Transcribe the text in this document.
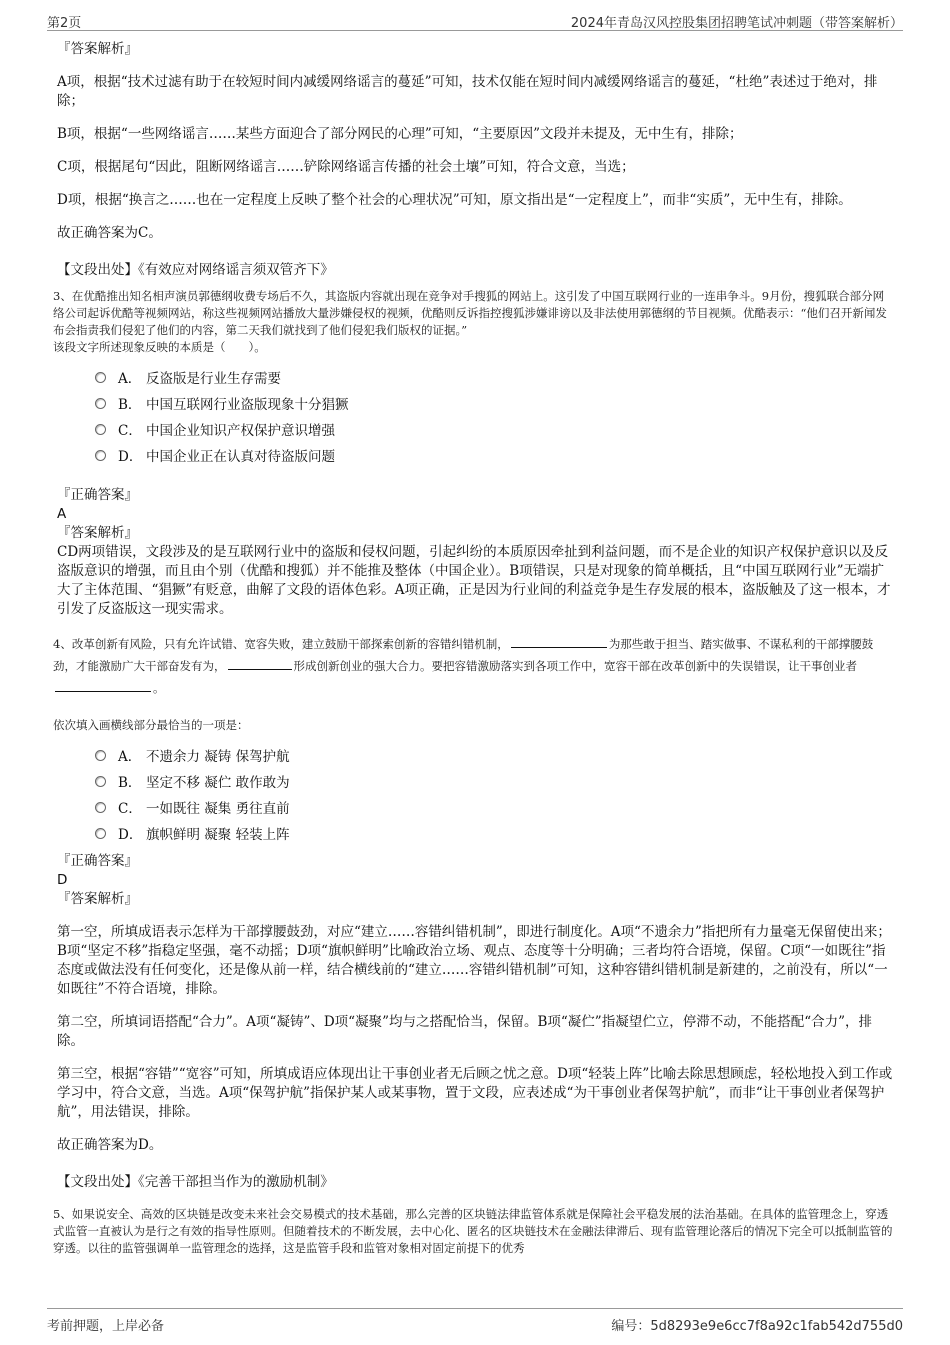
第2页	2024年青岛汉风控股集团招聘笔试冲刺题（带答案解析）

『答案解析』

A项，根据“技术过滤有助于在较短时间内减缓网络谣言的蔓延”可知，技术仅能在短时间内减缓网络谣言的蔓延，“杜绝”表述过于绝对，排除；

B项，根据“一些网络谣言……某些方面迎合了部分网民的心理”可知，“主要原因”文段并未提及，无中生有，排除；

C项，根据尾句“因此，阻断网络谣言……铲除网络谣言传播的社会土壤”可知，符合文意，当选；

D项，根据“换言之……也在一定程度上反映了整个社会的心理状况”可知，原文指出是“一定程度上”，而非“实质”，无中生有，排除。

故正确答案为C。

【文段出处】《有效应对网络谣言须双管齐下》

3、在优酷推出知名相声演员郭德纲收费专场后不久，其盗版内容就出现在竞争对手搜狐的网站上。这引发了中国互联网行业的一连串争斗。9月份，搜狐联合部分网络公司起诉优酷等视频网站，称这些视频网站播放大量涉嫌侵权的视频，优酷则反诉指控搜狐涉嫌诽谤以及非法使用郭德纲的节目视频。优酷表示：“他们召开新闻发布会指责我们侵犯了他们的内容，第二天我们就找到了他们侵犯我们版权的证据。”

该段文字所述现象反映的本质是（　　）。

A． 反盗版是行业生存需要
B． 中国互联网行业盗版现象十分猖獗
C． 中国企业知识产权保护意识增强
D． 中国企业正在认真对待盗版问题

『正确答案』

A

『答案解析』

CD两项错误，文段涉及的是互联网行业中的盗版和侵权问题，引起纠纷的本质原因牵扯到利益问题，而不是企业的知识产权保护意识以及反盗版意识的增强，而且由个别（优酷和搜狐）并不能推及整体（中国企业）。B项错误，只是对现象的简单概括，且“中国互联网行业”无端扩大了主体范围、“猖獗”有贬意，曲解了文段的语体色彩。A项正确，正是因为行业间的利益竞争是生存发展的根本，盗版触及了这一根本，才引发了反盗版这一现实需求。

4、改革创新有风险，只有允许试错、宽容失败，建立鼓励干部探索创新的容错纠错机制，	为那些敢于担当、踏实做事、不谋私利的干部撑腰鼓劲，才能激励广大干部奋发有为，	形成创新创业的强大合力。要把容错激励落实到各项工作中，宽容干部在改革创新中的失误错误，让干事创业者。

依次填入画横线部分最恰当的一项是：

A． 不遗余力 凝铸 保驾护航
B． 坚定不移 凝伫 敢作敢为
C． 一如既往 凝集 勇往直前
D． 旗帜鲜明 凝聚 轻装上阵

『正确答案』

D

『答案解析』

第一空，所填成语表示怎样为干部撑腰鼓劲，对应“建立……容错纠错机制”，即进行制度化。A项“不遗余力”指把所有力量毫无保留使出来；B项“坚定不移”指稳定坚强，毫不动摇；D项“旗帜鲜明”比喻政治立场、观点、态度等十分明确；三者均符合语境，保留。C项“一如既往”指态度或做法没有任何变化，还是像从前一样，结合横线前的“建立……容错纠错机制”可知，这种容错纠错机制是新建的，之前没有，所以“一如既往”不符合语境，排除。

第二空，所填词语搭配“合力”。A项“凝铸”、D项“凝聚”均与之搭配恰当，保留。B项“凝伫”指凝望伫立，停滞不动，不能搭配“合力”，排除。

第三空，根据“容错”“宽容”可知，所填成语应体现出让干事创业者无后顾之忧之意。D项“轻装上阵”比喻去除思想顾虑，轻松地投入到工作或学习中，符合文意，当选。A项“保驾护航”指保护某人或某事物，置于文段，应表述成“为干事创业者保驾护航”，而非“让干事创业者保驾护航”，用法错误，排除。

故正确答案为D。

【文段出处】《完善干部担当作为的激励机制》

5、如果说安全、高效的区块链是改变未来社会交易模式的技术基础，那么完善的区块链法律监管体系就是保障社会平稳发展的法治基础。在具体的监管理念上，穿透式监管一直被认为是行之有效的指导性原则。但随着技术的不断发展，去中心化、匿名的区块链技术在金融法律滞后、现有监管理论落后的情况下完全可以抵制监管的穿透。以往的监管强调单一监管理念的选择，这是监管手段和监管对象相对固定前提下的优秀

考前押题，上岸必备	编号：5d8293e9e6cc7f8a92c1fab542d755d0
